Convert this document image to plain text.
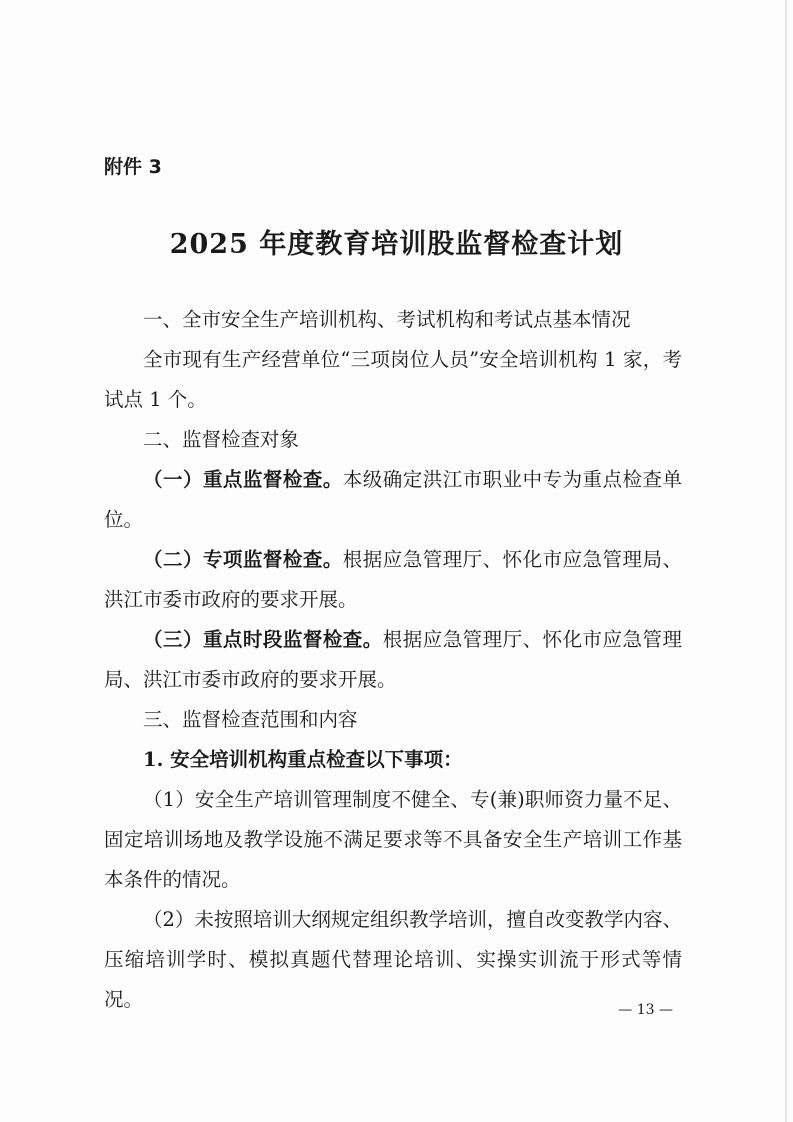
附件 3
2025 年度教育培训股监督检查计划

一、全市安全生产培训机构、考试机构和考试点基本情况

全市现有生产经营单位“三项岗位人员”安全培训机构 1 家，考试点 1 个。

二、监督检查对象

（一）重点监督检查。本级确定洪江市职业中专为重点检查单位。

（二）专项监督检查。根据应急管理厅、怀化市应急管理局、洪江市委市政府的要求开展。

（三）重点时段监督检查。根据应急管理厅、怀化市应急管理局、洪江市委市政府的要求开展。

三、监督检查范围和内容

1. 安全培训机构重点检查以下事项：

（1）安全生产培训管理制度不健全、专(兼)职师资力量不足、固定培训场地及教学设施不满足要求等不具备安全生产培训工作基本条件的情况。

（2）未按照培训大纲规定组织教学培训，擅自改变教学内容、压缩培训学时、模拟真题代替理论培训、实操实训流于形式等情况。	— 13 —
